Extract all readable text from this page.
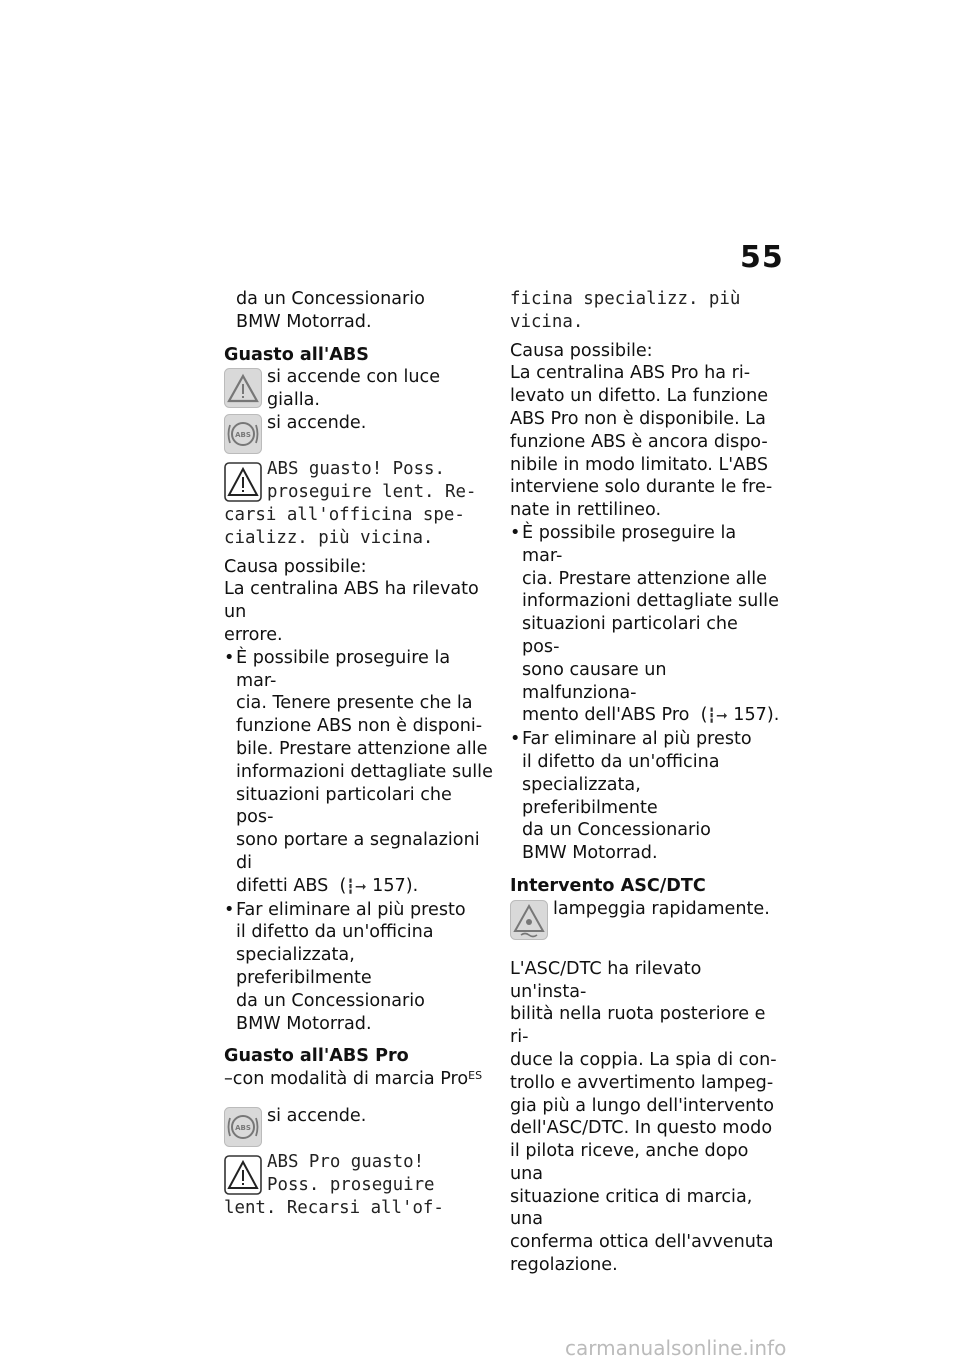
55

da un Concessionario

BMW Motorrad.

Guasto all'ABS

si accende con luce gialla.

ABS

si accende.

ABS guasto! Poss.
proseguire lent. Re-
carsi all'officina spe-
cializz. più vicina.

Causa possibile:

La centralina ABS ha rilevato un

errore.

• È possibile proseguire la mar-

cia. Tenere presente che la

funzione ABS non è disponi-

bile. Prestare attenzione alle

informazioni dettagliate sulle

situazioni particolari che pos-

sono portare a segnalazioni di

difetti ABS  (┇➞ 157).

• Far eliminare al più presto

il difetto da un'officina

specializzata, preferibilmente

da un Concessionario

BMW Motorrad.

Guasto all'ABS Pro

–con modalità di marcia Pro$^{ES}$

ABS

si accende.

ABS Pro guasto!
Poss. proseguire
lent. Recarsi all'of-

ficina specializz. più

vicina.

Causa possibile:

La centralina ABS Pro ha ri-

levato un difetto. La funzione

ABS Pro non è disponibile. La

funzione ABS è ancora dispo-

nibile in modo limitato. L'ABS

interviene solo durante le fre-

nate in rettilineo.

• È possibile proseguire la mar-

cia. Prestare attenzione alle

informazioni dettagliate sulle

situazioni particolari che pos-

sono causare un malfunziona-

mento dell'ABS Pro  (┇➞ 157).

• Far eliminare al più presto

il difetto da un'officina

specializzata, preferibilmente

da un Concessionario

BMW Motorrad.

Intervento ASC/DTC

lampeggia rapidamente.

L'ASC/DTC ha rilevato un'insta-

bilità nella ruota posteriore e ri-

duce la coppia. La spia di con-

trollo e avvertimento lampeg-

gia più a lungo dell'intervento

dell'ASC/DTC. In questo modo

il pilota riceve, anche dopo una

situazione critica di marcia, una

conferma ottica dell'avvenuta

regolazione.

carmanualsonline.info
